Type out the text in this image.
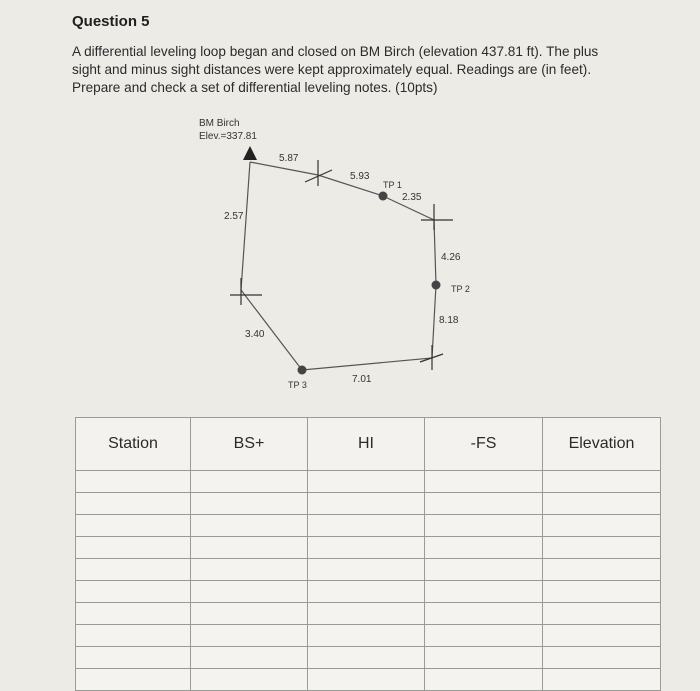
Question 5
A differential leveling loop began and closed on BM Birch (elevation 437.81 ft). The plus
sight and minus sight distances were kept approximately equal. Readings are (in feet).
Prepare and check a set of differential leveling notes. (10pts)
BM Birch
Elev.=337.81
5.87
5.93
TP 1
2.35
4.26
TP 2
8.18
7.01
TP 3
3.40
2.57
Station	BS+	HI	-FS	Elevation
